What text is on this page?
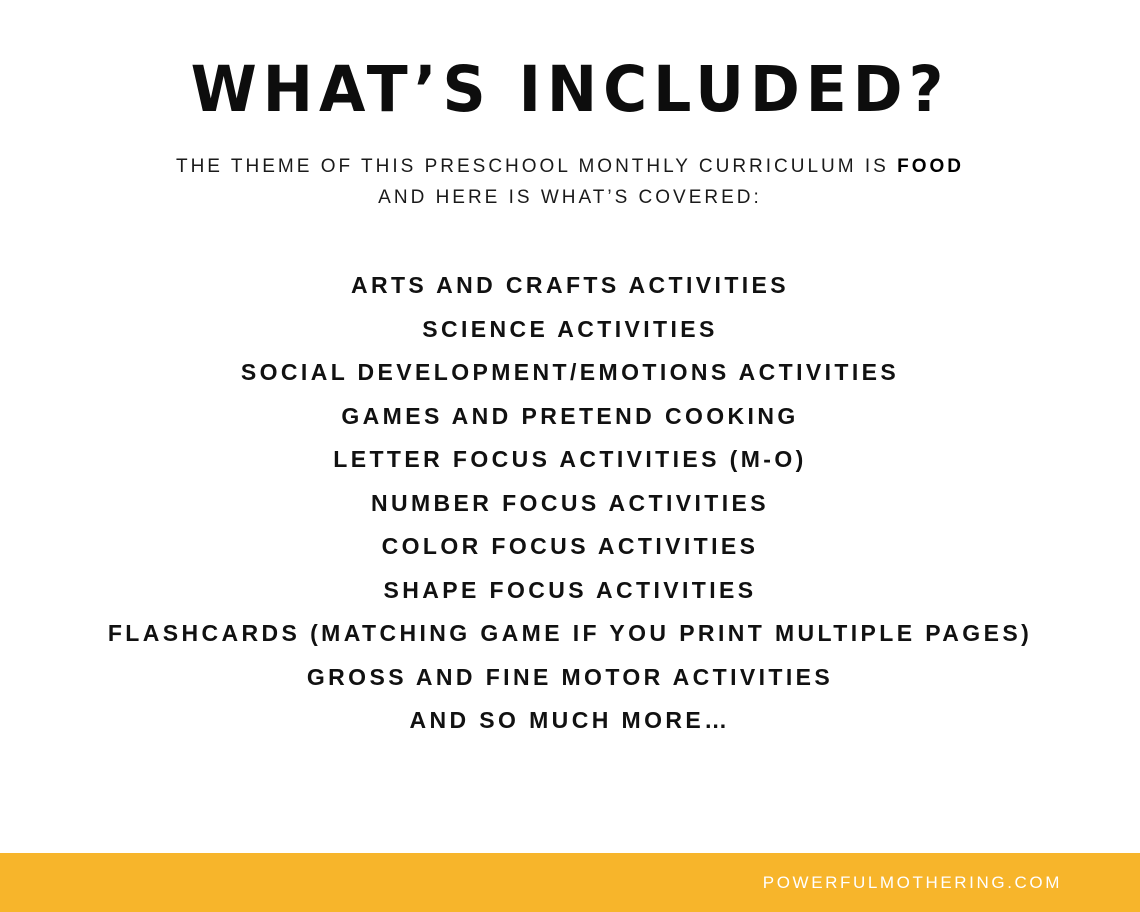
WHAT’S INCLUDED?
THE THEME OF THIS PRESCHOOL MONTHLY CURRICULUM IS FOOD
AND HERE IS WHAT’S COVERED:
ARTS AND CRAFTS ACTIVITIES
SCIENCE ACTIVITIES
SOCIAL DEVELOPMENT/EMOTIONS ACTIVITIES
GAMES AND PRETEND COOKING
LETTER FOCUS ACTIVITIES (M-O)
NUMBER FOCUS ACTIVITIES
COLOR FOCUS ACTIVITIES
SHAPE FOCUS ACTIVITIES
FLASHCARDS (MATCHING GAME IF YOU PRINT MULTIPLE PAGES)
GROSS AND FINE MOTOR ACTIVITIES
AND SO MUCH MORE…
POWERFULMOTHERING.COM
